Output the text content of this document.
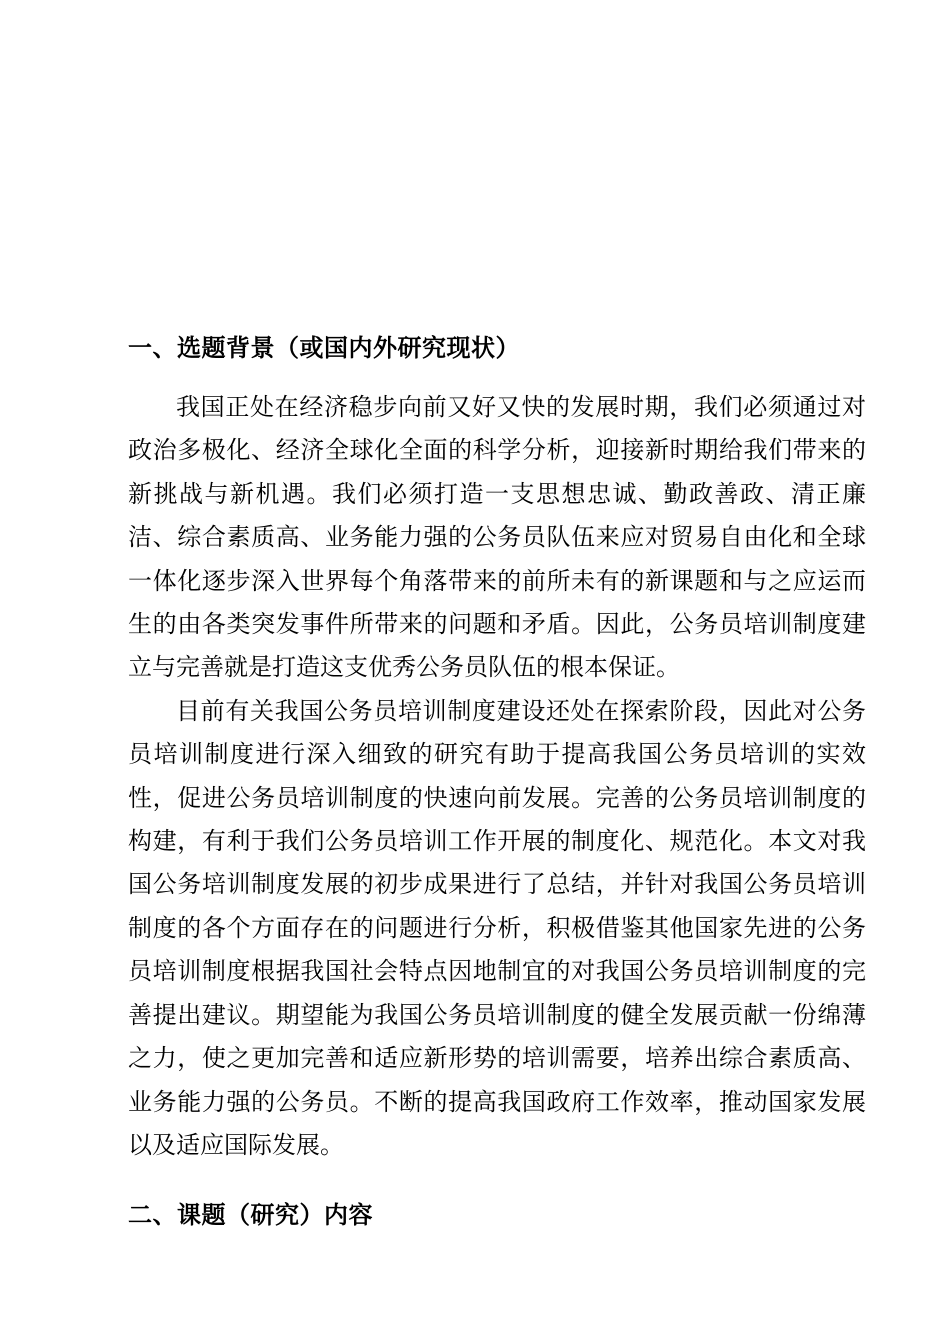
一、选题背景（或国内外研究现状）

我国正处在经济稳步向前又好又快的发展时期，我们必须通过对政治多极化、经济全球化全面的科学分析，迎接新时期给我们带来的新挑战与新机遇。我们必须打造一支思想忠诚、勤政善政、清正廉洁、综合素质高、业务能力强的公务员队伍来应对贸易自由化和全球一体化逐步深入世界每个角落带来的前所未有的新课题和与之应运而生的由各类突发事件所带来的问题和矛盾。因此，公务员培训制度建立与完善就是打造这支优秀公务员队伍的根本保证。

目前有关我国公务员培训制度建设还处在探索阶段，因此对公务员培训制度进行深入细致的研究有助于提高我国公务员培训的实效性，促进公务员培训制度的快速向前发展。完善的公务员培训制度的构建，有利于我们公务员培训工作开展的制度化、规范化。本文对我国公务培训制度发展的初步成果进行了总结，并针对我国公务员培训制度的各个方面存在的问题进行分析，积极借鉴其他国家先进的公务员培训制度根据我国社会特点因地制宜的对我国公务员培训制度的完善提出建议。期望能为我国公务员培训制度的健全发展贡献一份绵薄之力，使之更加完善和适应新形势的培训需要，培养出综合素质高、业务能力强的公务员。不断的提高我国政府工作效率，推动国家发展以及适应国际发展。

二、课题（研究）内容
